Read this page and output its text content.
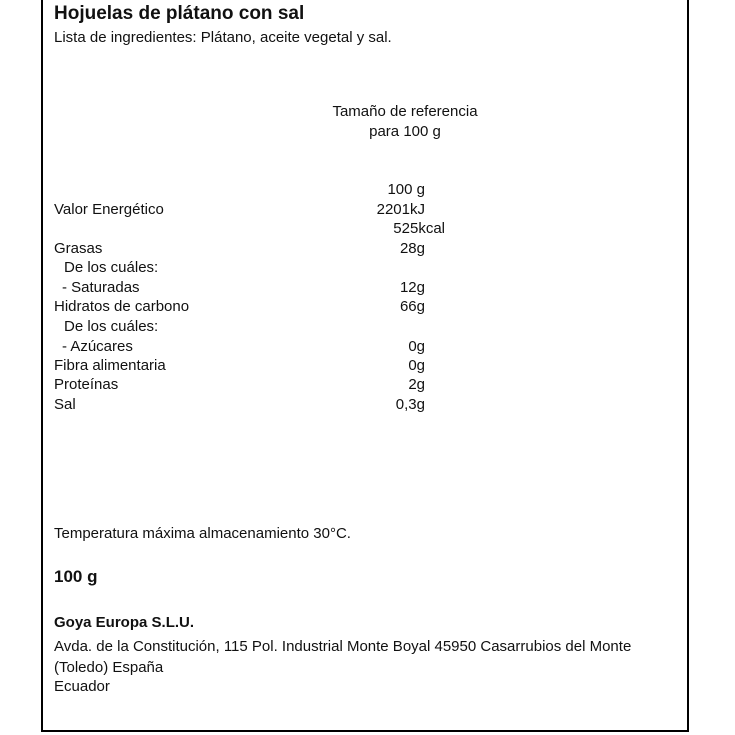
Hojuelas de plátano con sal
Lista de ingredientes: Plátano, aceite vegetal y sal.
Tamaño de referencia
para 100 g
100 g
Valor Energético	2201kJ
525kcal
Grasas	28g
De los cuáles:
- Saturadas	12g
Hidratos de carbono	66g
De los cuáles:
- Azúcares	0g
Fibra alimentaria	0g
Proteínas	2g
Sal	0,3g
Temperatura máxima almacenamiento 30°C.
100 g
Goya Europa S.L.U.
Avda. de la Constitución, 115 Pol. Industrial Monte Boyal 45950 Casarrubios del Monte (Toledo) España
Ecuador
